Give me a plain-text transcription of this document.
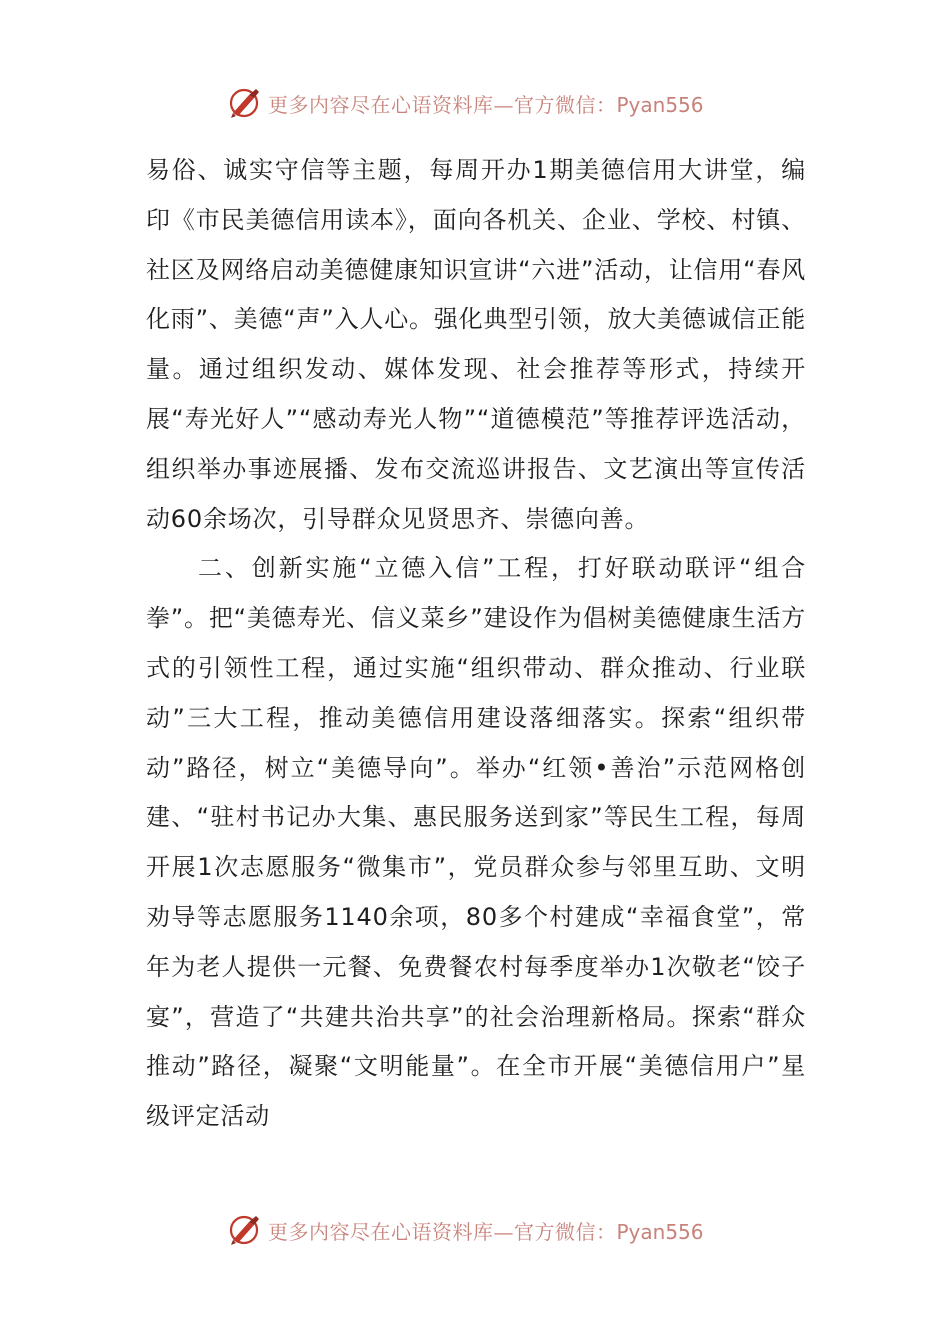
更多内容尽在心语资料库—官方微信：Pyan556

易俗、诚实守信等主题，每周开办1期美德信用大讲堂，编印《市民美德信用读本》，面向各机关、企业、学校、村镇、社区及网络启动美德健康知识宣讲“六进”活动，让信用“春风化雨”、美德“声”入人心。强化典型引领，放大美德诚信正能量。通过组织发动、媒体发现、社会推荐等形式，持续开展“寿光好人”“感动寿光人物”“道德模范”等推荐评选活动，组织举办事迹展播、发布交流巡讲报告、文艺演出等宣传活动60余场次，引导群众见贤思齐、崇德向善。

二、创新实施“立德入信”工程，打好联动联评“组合拳”。把“美德寿光、信义菜乡”建设作为倡树美德健康生活方式的引领性工程，通过实施“组织带动、群众推动、行业联动”三大工程，推动美德信用建设落细落实。探索“组织带动”路径，树立“美德导向”。举办“红领•善治”示范网格创建、“驻村书记办大集、惠民服务送到家”等民生工程，每周开展1次志愿服务“微集市”，党员群众参与邻里互助、文明劝导等志愿服务1140余项，80多个村建成“幸福食堂”，常年为老人提供一元餐、免费餐农村每季度举办1次敬老“饺子宴”，营造了“共建共治共享”的社会治理新格局。探索“群众推动”路径，凝聚“文明能量”。在全市开展“美德信用户”星级评定活动

更多内容尽在心语资料库—官方微信：Pyan556
